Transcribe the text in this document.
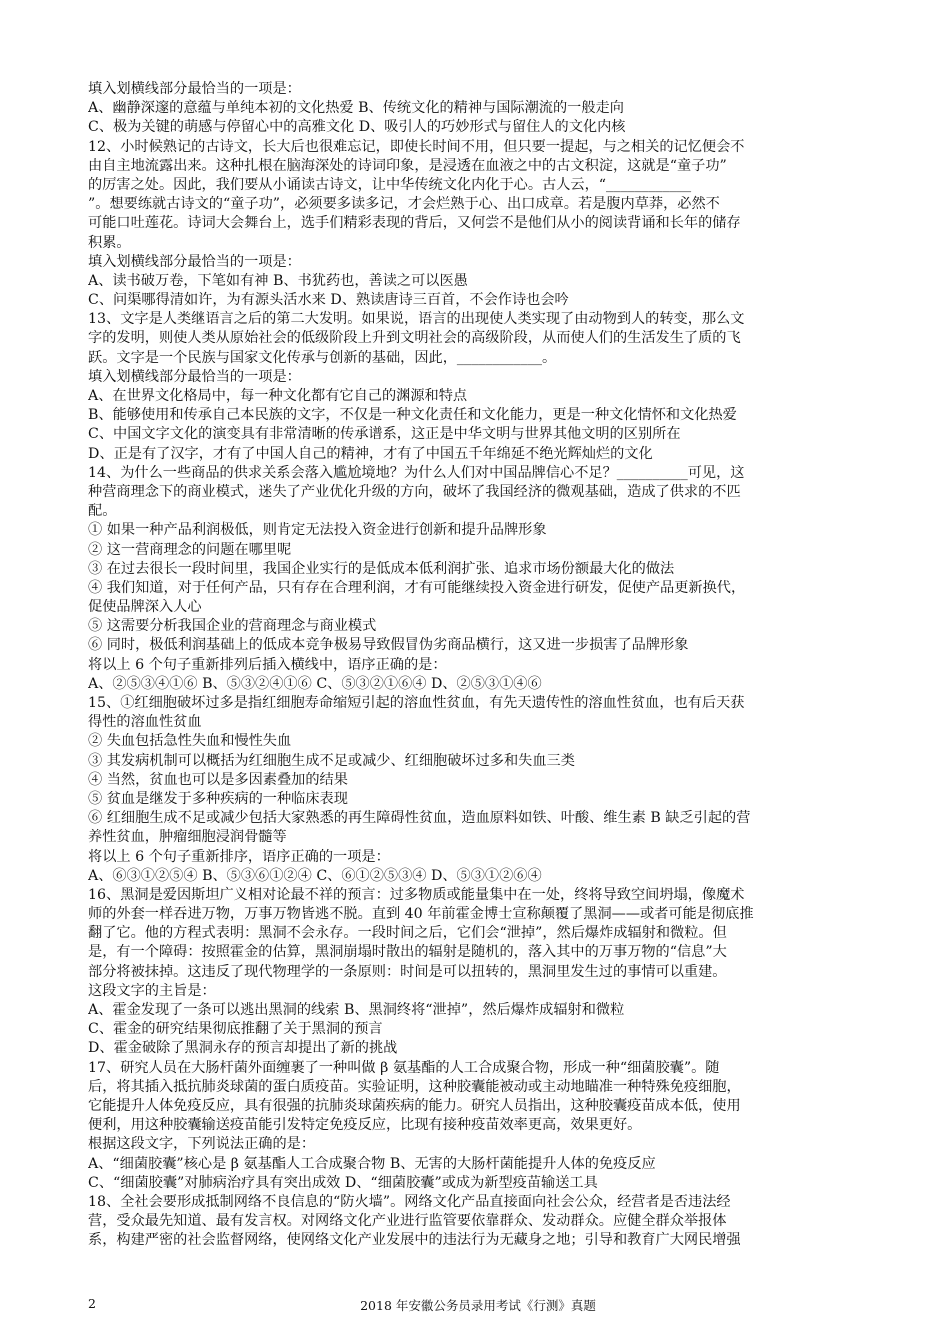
填入划横线部分最恰当的一项是：
A、幽静深邃的意蕴与单纯本初的文化热爱 B、传统文化的精神与国际潮流的一般走向
C、极为关键的萌感与停留心中的高雅文化 D、吸引人的巧妙形式与留住人的文化内核
12、小时候熟记的古诗文，长大后也很难忘记，即使长时间不用，但只要一提起，与之相关的记忆便会不
由自主地流露出来。这种扎根在脑海深处的诗词印象，是浸透在血液之中的古文积淀，这就是“童子功”
的厉害之处。因此，我们要从小诵读古诗文，让中华传统文化内化于心。古人云，“____________
”。想要练就古诗文的“童子功”，必须要多读多记，才会烂熟于心、出口成章。若是腹内草莽，必然不
可能口吐莲花。诗词大会舞台上，选手们精彩表现的背后，又何尝不是他们从小的阅读背诵和长年的储存
积累。
填入划横线部分最恰当的一项是：
A、读书破万卷，下笔如有神 B、书犹药也，善读之可以医愚
C、问渠哪得清如许，为有源头活水来 D、熟读唐诗三百首，不会作诗也会吟
13、文字是人类继语言之后的第二大发明。如果说，语言的出现使人类实现了由动物到人的转变，那么文
字的发明，则使人类从原始社会的低级阶段上升到文明社会的高级阶段，从而使人们的生活发生了质的飞
跃。文字是一个民族与国家文化传承与创新的基础，因此，____________。
填入划横线部分最恰当的一项是：
A、在世界文化格局中，每一种文化都有它自己的渊源和特点
B、能够使用和传承自己本民族的文字，不仅是一种文化责任和文化能力，更是一种文化情怀和文化热爱
C、中国文字文化的演变具有非常清晰的传承谱系，这正是中华文明与世界其他文明的区别所在
D、正是有了汉字，才有了中国人自己的精神，才有了中国五千年绵延不绝光辉灿烂的文化
14、为什么一些商品的供求关系会落入尴尬境地？为什么人们对中国品牌信心不足？__________可见，这
种营商理念下的商业模式，迷失了产业优化升级的方向，破坏了我国经济的微观基础，造成了供求的不匹
配。
① 如果一种产品利润极低，则肯定无法投入资金进行创新和提升品牌形象
② 这一营商理念的问题在哪里呢
③ 在过去很长一段时间里，我国企业实行的是低成本低利润扩张、追求市场份额最大化的做法
④ 我们知道，对于任何产品，只有存在合理利润，才有可能继续投入资金进行研发，促使产品更新换代，
促使品牌深入人心
⑤ 这需要分析我国企业的营商理念与商业模式
⑥ 同时，极低利润基础上的低成本竞争极易导致假冒伪劣商品横行，这又进一步损害了品牌形象
将以上 6 个句子重新排列后插入横线中，语序正确的是：
A、②⑤③④①⑥ B、⑤③②④①⑥ C、⑤③②①⑥④ D、②⑤③①④⑥
15、①红细胞破坏过多是指红细胞寿命缩短引起的溶血性贫血，有先天遗传性的溶血性贫血，也有后天获
得性的溶血性贫血
② 失血包括急性失血和慢性失血
③ 其发病机制可以概括为红细胞生成不足或减少、红细胞破坏过多和失血三类
④ 当然，贫血也可以是多因素叠加的结果
⑤ 贫血是继发于多种疾病的一种临床表现
⑥ 红细胞生成不足或减少包括大家熟悉的再生障碍性贫血，造血原料如铁、叶酸、维生素 B 缺乏引起的营
养性贫血，肿瘤细胞浸润骨髓等
将以上 6 个句子重新排序，语序正确的一项是：
A、⑥③①②⑤④ B、⑤③⑥①②④ C、⑥①②⑤③④ D、⑤③①②⑥④
16、黑洞是爱因斯坦广义相对论最不祥的预言：过多物质或能量集中在一处，终将导致空间坍塌，像魔术
师的外套一样吞进万物，万事万物皆逃不脱。直到 40 年前霍金博士宣称颠覆了黑洞——或者可能是彻底推
翻了它。他的方程式表明：黑洞不会永存。一段时间之后，它们会“泄掉”，然后爆炸成辐射和微粒。但
是，有一个障碍：按照霍金的估算，黑洞崩塌时散出的辐射是随机的，落入其中的万事万物的“信息”大
部分将被抹掉。这违反了现代物理学的一条原则：时间是可以扭转的，黑洞里发生过的事情可以重建。
这段文字的主旨是：
A、霍金发现了一条可以逃出黑洞的线索 B、黑洞终将“泄掉”，然后爆炸成辐射和微粒
C、霍金的研究结果彻底推翻了关于黑洞的预言
D、霍金破除了黑洞永存的预言却提出了新的挑战
17、研究人员在大肠杆菌外面缠裹了一种叫做 β 氨基酯的人工合成聚合物，形成一种“细菌胶囊”。随
后，将其插入抵抗肺炎球菌的蛋白质疫苗。实验证明，这种胶囊能被动或主动地瞄准一种特殊免疫细胞，
它能提升人体免疫反应，具有很强的抗肺炎球菌疾病的能力。研究人员指出，这种胶囊疫苗成本低，使用
便利，用这种胶囊输送疫苗能引发特定免疫反应，比现有接种疫苗效率更高，效果更好。
根据这段文字，下列说法正确的是：
A、“细菌胶囊”核心是 β 氨基酯人工合成聚合物 B、无害的大肠杆菌能提升人体的免疫反应
C、“细菌胶囊”对肺病治疗具有突出成效 D、“细菌胶囊”或成为新型疫苗输送工具
18、全社会要形成抵制网络不良信息的“防火墙”。网络文化产品直接面向社会公众，经营者是否违法经
营，受众最先知道、最有发言权。对网络文化产业进行监管要依靠群众、发动群众。应健全群众举报体
系，构建严密的社会监督网络，使网络文化产业发展中的违法行为无藏身之地；引导和教育广大网民增强
2	2018 年安徽公务员录用考试《行测》真题
